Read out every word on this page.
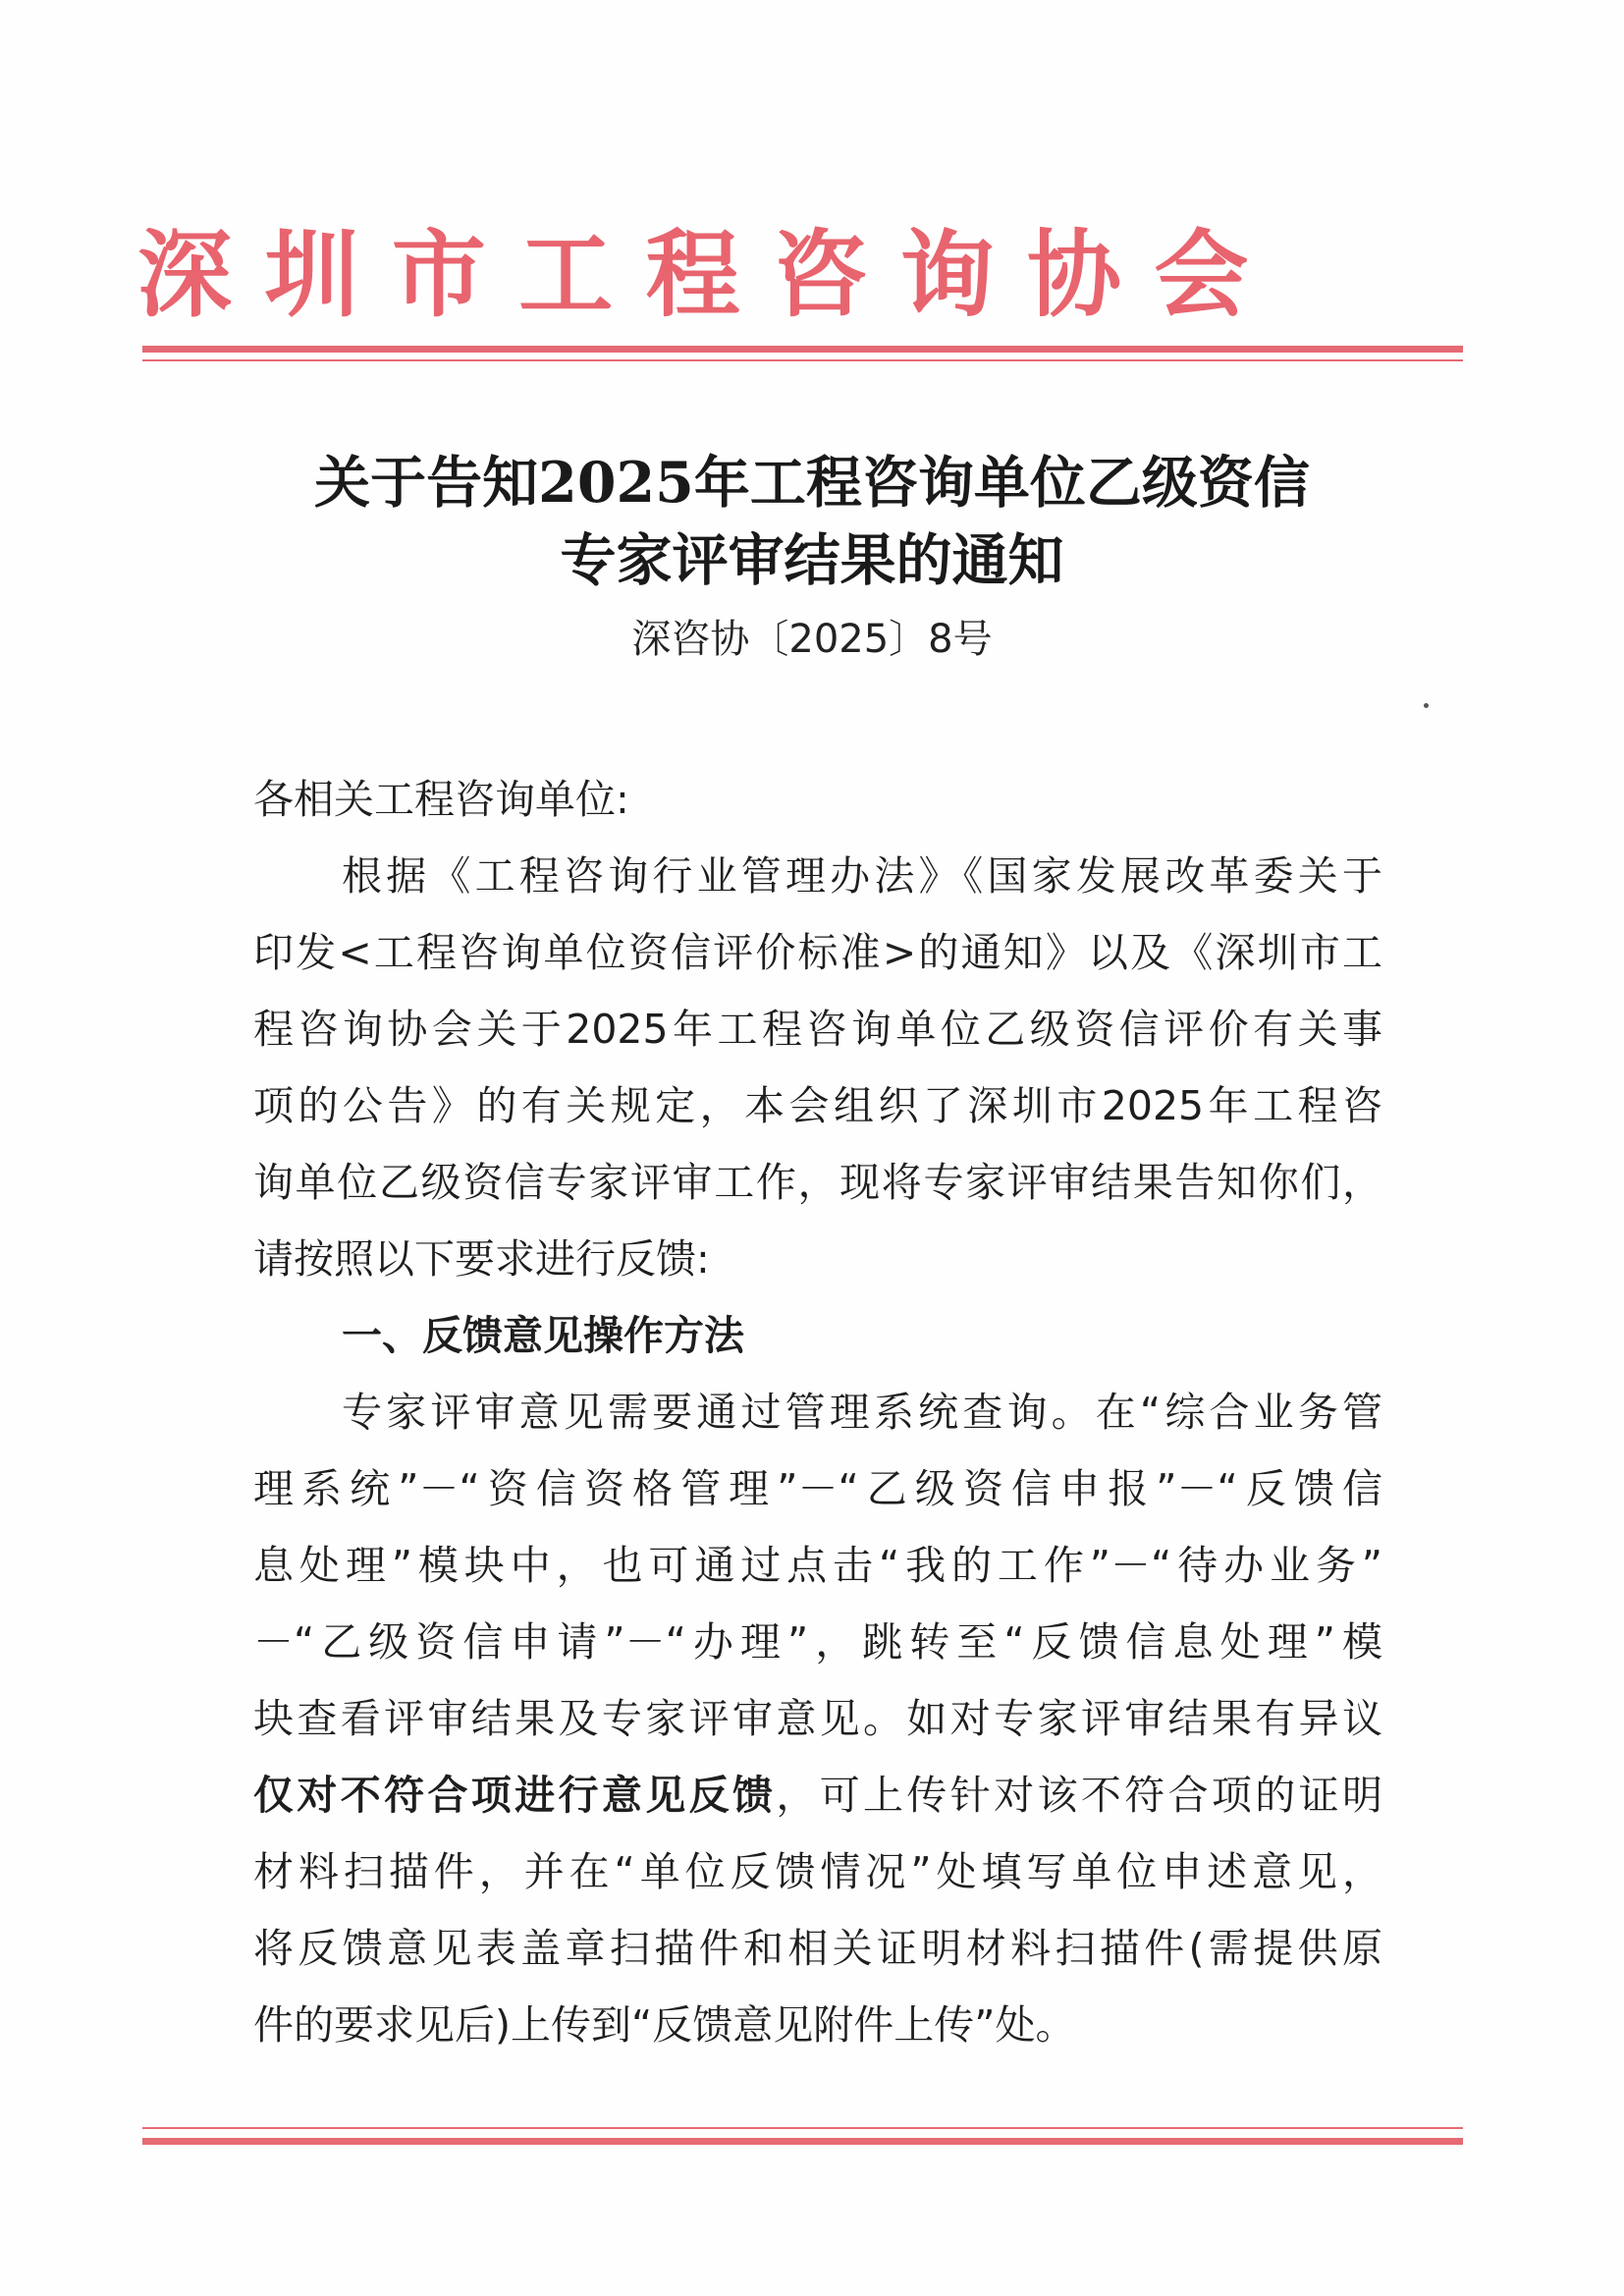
深 圳 市 工 程 咨 询 协 会
关于告知2025年工程咨询单位乙级资信
专家评审结果的通知
深咨协〔2025〕8号
各相关工程咨询单位:
根据《工程咨询行业管理办法》《国家发展改革委关于
印发<工程咨询单位资信评价标准>的通知》以及《深圳市工
程咨询协会关于2025年工程咨询单位乙级资信评价有关事
项的公告》的有关规定，本会组织了深圳市2025年工程咨
询单位乙级资信专家评审工作，现将专家评审结果告知你们，
请按照以下要求进行反馈:
一、反馈意见操作方法
专家评审意见需要通过管理系统查询。在“综合业务管
理系统”－“资信资格管理”－“乙级资信申报”－“反馈信
息处理”模块中，也可通过点击“我的工作”－“待办业务”
－“乙级资信申请”－“办理”，跳转至“反馈信息处理”模
块查看评审结果及专家评审意见。如对专家评审结果有异议
仅对不符合项进行意见反馈，可上传针对该不符合项的证明
材料扫描件，并在“单位反馈情况”处填写单位申述意见，
将反馈意见表盖章扫描件和相关证明材料扫描件(需提供原
件的要求见后)上传到“反馈意见附件上传”处。
